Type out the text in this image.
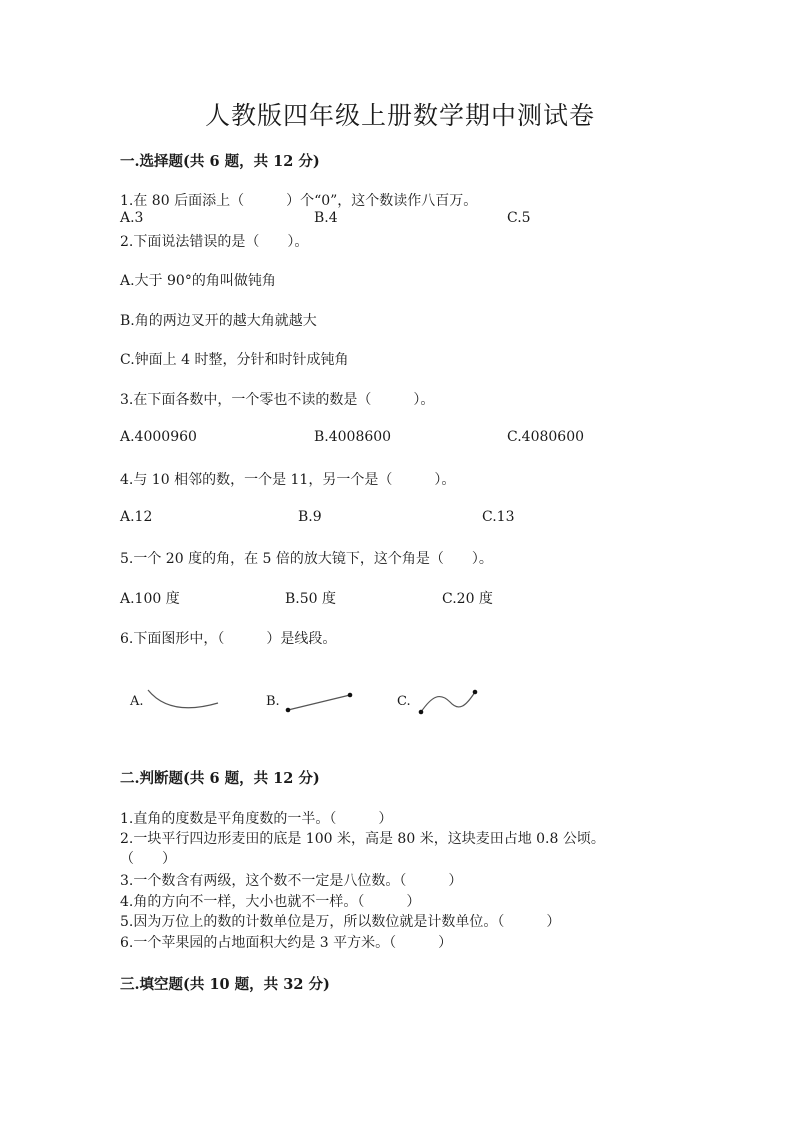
人教版四年级上册数学期中测试卷
一.选择题(共 6 题，共 12 分)
1.在 80 后面添上（　　　）个“0”，这个数读作八百万。
A.3	B.4	C.5
2.下面说法错误的是（　　）。
A.大于 90°的角叫做钝角
B.角的两边叉开的越大角就越大
C.钟面上 4 时整，分针和时针成钝角
3.在下面各数中，一个零也不读的数是（　　　）。
A.4000960	B.4008600	C.4080600
4.与 10 相邻的数，一个是 11，另一个是（　　　）。
A.12	B.9	C.13
5.一个 20 度的角，在 5 倍的放大镜下，这个角是（　　）。
A.100 度	B.50 度	C.20 度
6.下面图形中，（　　　）是线段。
A.	B.	C.
二.判断题(共 6 题，共 12 分)
1.直角的度数是平角度数的一半。（　　　）
2.一块平行四边形麦田的底是 100 米，高是 80 米，这块麦田占地 0.8 公顷。
（　　）
3.一个数含有两级，这个数不一定是八位数。（　　　）
4.角的方向不一样，大小也就不一样。（　　　）
5.因为万位上的数的计数单位是万，所以数位就是计数单位。（　　　）
6.一个苹果园的占地面积大约是 3 平方米。（　　　）
三.填空题(共 10 题，共 32 分)
